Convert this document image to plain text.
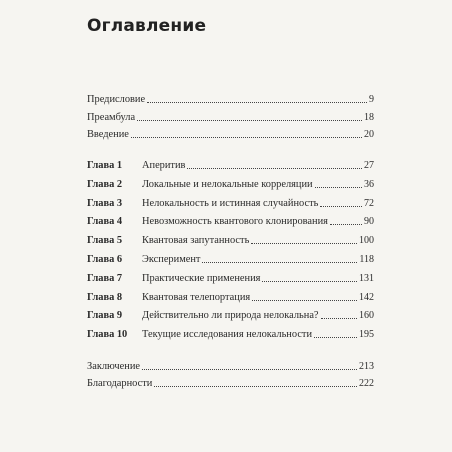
Оглавление
Предисловие	9
Преамбула	18
Введение	20
Глава 1	Аперитив	27
Глава 2	Локальные и нелокальные корреляции	36
Глава 3	Нелокальность и истинная случайность	72
Глава 4	Невозможность квантового клонирования	90
Глава 5	Квантовая запутанность	100
Глава 6	Эксперимент	118
Глава 7	Практические применения	131
Глава 8	Квантовая телепортация	142
Глава 9	Действительно ли природа нелокальна?	160
Глава 10	Текущие исследования нелокальности	195
Заключение	213
Благодарности	222
